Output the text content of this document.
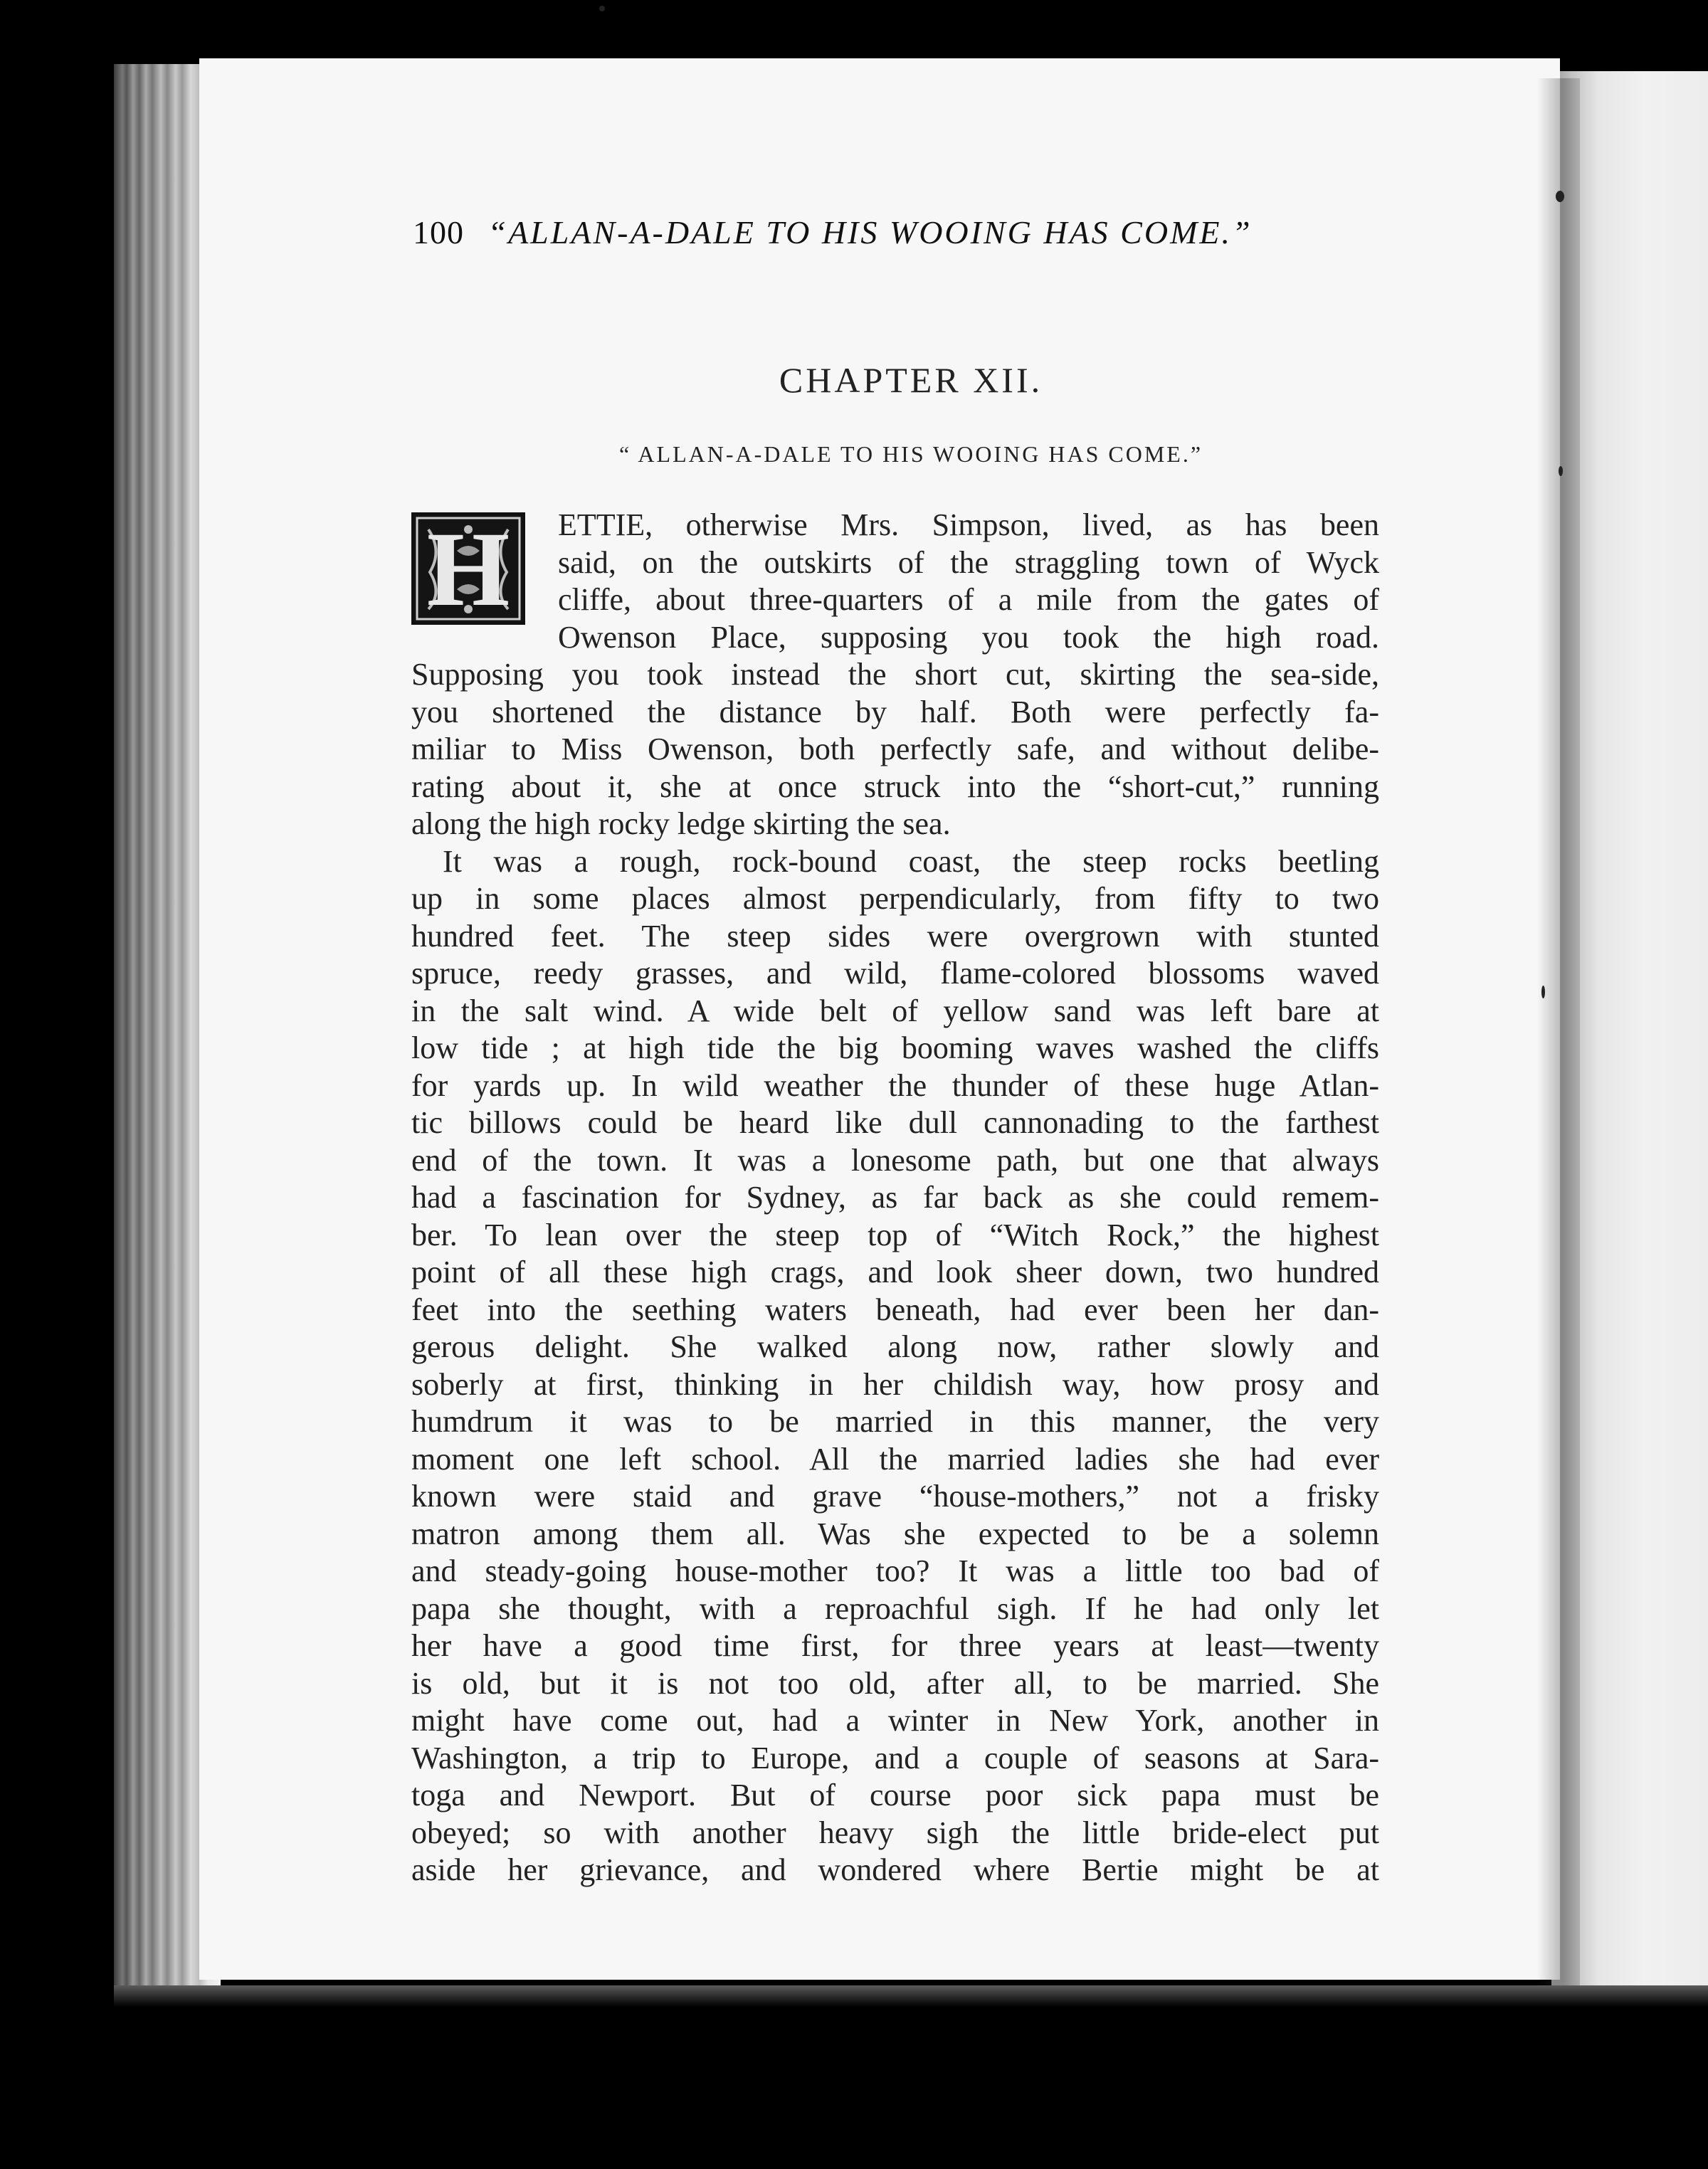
100 “ALLAN-A-DALE TO HIS WOOING HAS COME.”
CHAPTER XII.
“ ALLAN-A-DALE TO HIS WOOING HAS COME.”
H	ETTIE, otherwise Mrs. Simpson, lived, as has been
said, on the outskirts of the straggling town of Wyck
cliffe, about three-quarters of a mile from the gates of
Owenson Place, supposing you took the high road.
Supposing you took instead the short cut, skirting the sea-side,
you shortened the distance by half. Both were perfectly fa-
miliar to Miss Owenson, both perfectly safe, and without delibe-
rating about it, she at once struck into the “short-cut,” running
along the high rocky ledge skirting the sea.
It was a rough, rock-bound coast, the steep rocks beetling
up in some places almost perpendicularly, from fifty to two
hundred feet. The steep sides were overgrown with stunted
spruce, reedy grasses, and wild, flame-colored blossoms waved
in the salt wind. A wide belt of yellow sand was left bare at
low tide ; at high tide the big booming waves washed the cliffs
for yards up. In wild weather the thunder of these huge Atlan-
tic billows could be heard like dull cannonading to the farthest
end of the town. It was a lonesome path, but one that always
had a fascination for Sydney, as far back as she could remem-
ber. To lean over the steep top of “Witch Rock,” the highest
point of all these high crags, and look sheer down, two hundred
feet into the seething waters beneath, had ever been her dan-
gerous delight. She walked along now, rather slowly and
soberly at first, thinking in her childish way, how prosy and
humdrum it was to be married in this manner, the very
moment one left school. All the married ladies she had ever
known were staid and grave “house-mothers,” not a frisky
matron among them all. Was she expected to be a solemn
and steady-going house-mother too? It was a little too bad of
papa she thought, with a reproachful sigh. If he had only let
her have a good time first, for three years at least—twenty
is old, but it is not too old, after all, to be married. She
might have come out, had a winter in New York, another in
Washington, a trip to Europe, and a couple of seasons at Sara-
toga and Newport. But of course poor sick papa must be
obeyed; so with another heavy sigh the little bride-elect put
aside her grievance, and wondered where Bertie might be at
